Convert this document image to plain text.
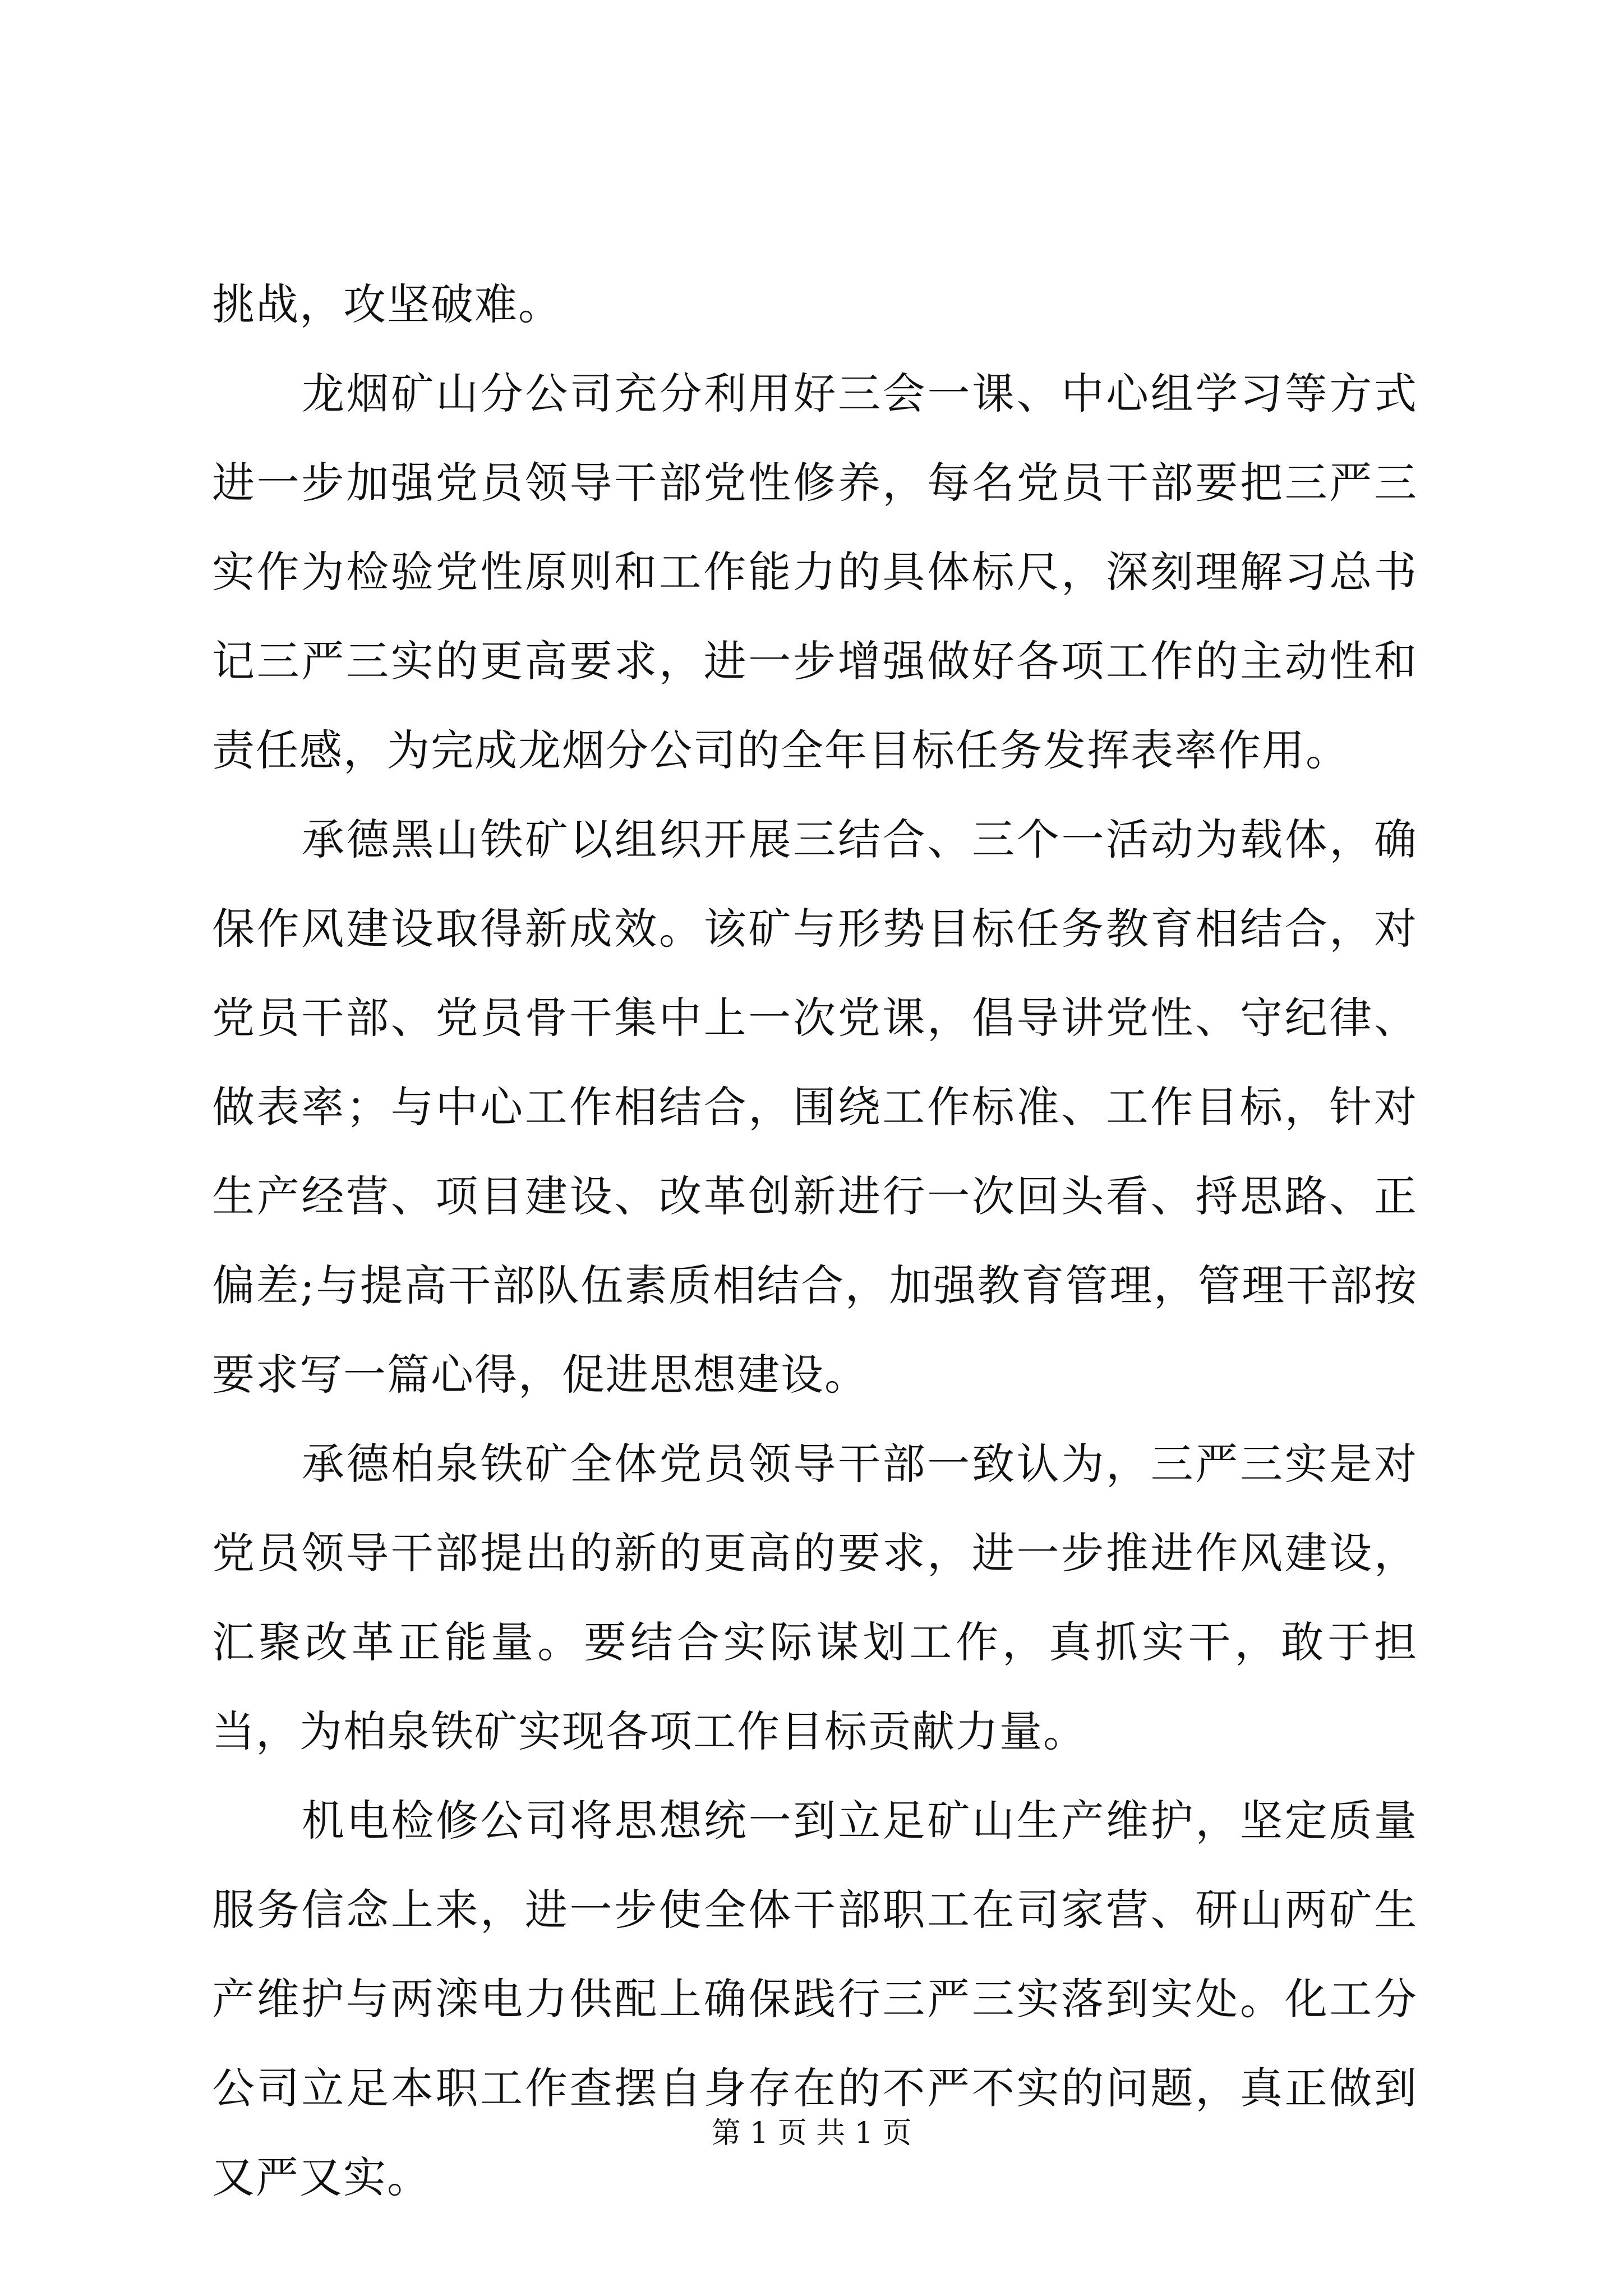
挑战，攻坚破难。

龙烟矿山分公司充分利用好三会一课、中心组学习等方式进一步加强党员领导干部党性修养，每名党员干部要把三严三实作为检验党性原则和工作能力的具体标尺，深刻理解习总书记三严三实的更高要求，进一步增强做好各项工作的主动性和责任感，为完成龙烟分公司的全年目标任务发挥表率作用。

承德黑山铁矿以组织开展三结合、三个一活动为载体，确保作风建设取得新成效。该矿与形势目标任务教育相结合，对党员干部、党员骨干集中上一次党课，倡导讲党性、守纪律、做表率；与中心工作相结合，围绕工作标准、工作目标，针对生产经营、项目建设、改革创新进行一次回头看、捋思路、正偏差;与提高干部队伍素质相结合，加强教育管理，管理干部按要求写一篇心得，促进思想建设。

承德柏泉铁矿全体党员领导干部一致认为，三严三实是对党员领导干部提出的新的更高的要求，进一步推进作风建设，汇聚改革正能量。要结合实际谋划工作，真抓实干，敢于担当，为柏泉铁矿实现各项工作目标贡献力量。

机电检修公司将思想统一到立足矿山生产维护，坚定质量服务信念上来，进一步使全体干部职工在司家营、研山两矿生产维护与两滦电力供配上确保践行三严三实落到实处。化工分公司立足本职工作查摆自身存在的不严不实的问题，真正做到又严又实。

第 1 页 共 1 页
